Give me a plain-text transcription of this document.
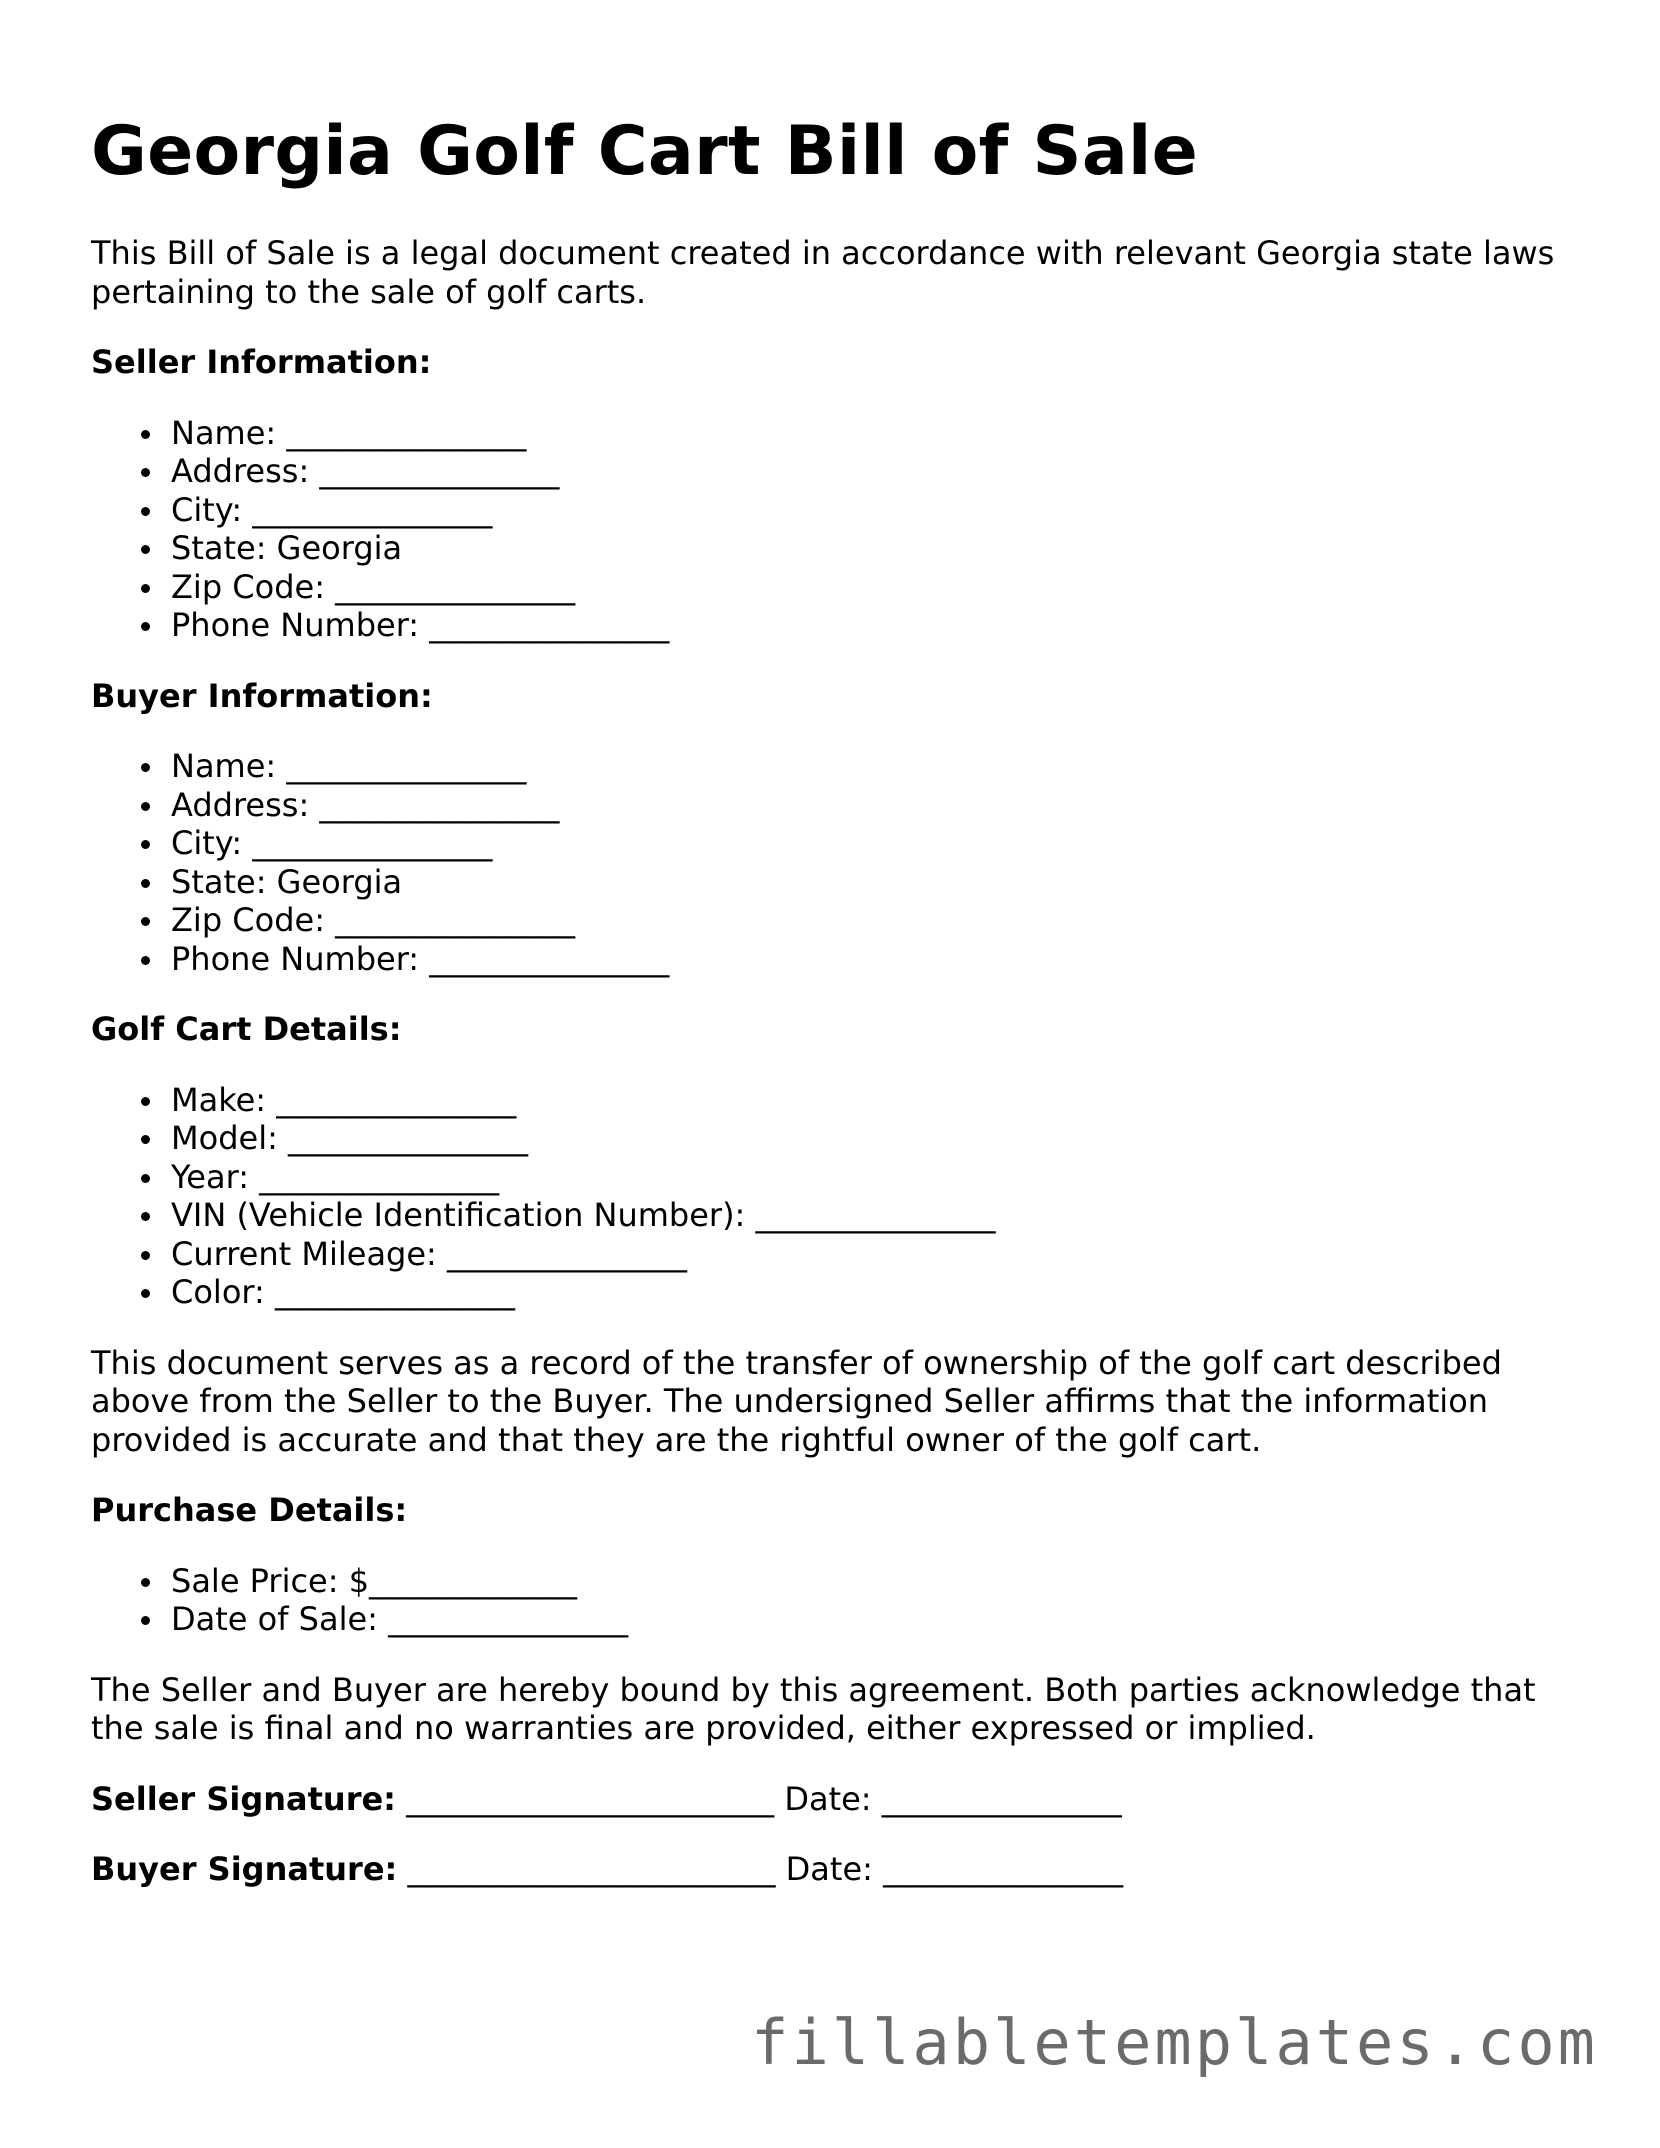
Georgia Golf Cart Bill of Sale

This Bill of Sale is a legal document created in accordance with relevant Georgia state laws pertaining to the sale of golf carts.

Seller Information:
Name: _______________
Address: _______________
City: _______________
State: Georgia
Zip Code: _______________
Phone Number: _______________
Buyer Information:
Name: _______________
Address: _______________
City: _______________
State: Georgia
Zip Code: _______________
Phone Number: _______________
Golf Cart Details:
Make: _______________
Model: _______________
Year: _______________
VIN (Vehicle Identification Number): _______________
Current Mileage: _______________
Color: _______________

This document serves as a record of the transfer of ownership of the golf cart described above from the Seller to the Buyer. The undersigned Seller affirms that the information provided is accurate and that they are the rightful owner of the golf cart.

Purchase Details:
Sale Price: $_____________
Date of Sale: _______________

The Seller and Buyer are hereby bound by this agreement. Both parties acknowledge that the sale is final and no warranties are provided, either expressed or implied.

Seller Signature: _______________________ Date: _______________
Buyer Signature: _______________________ Date: _______________
fillabletemplates.com
